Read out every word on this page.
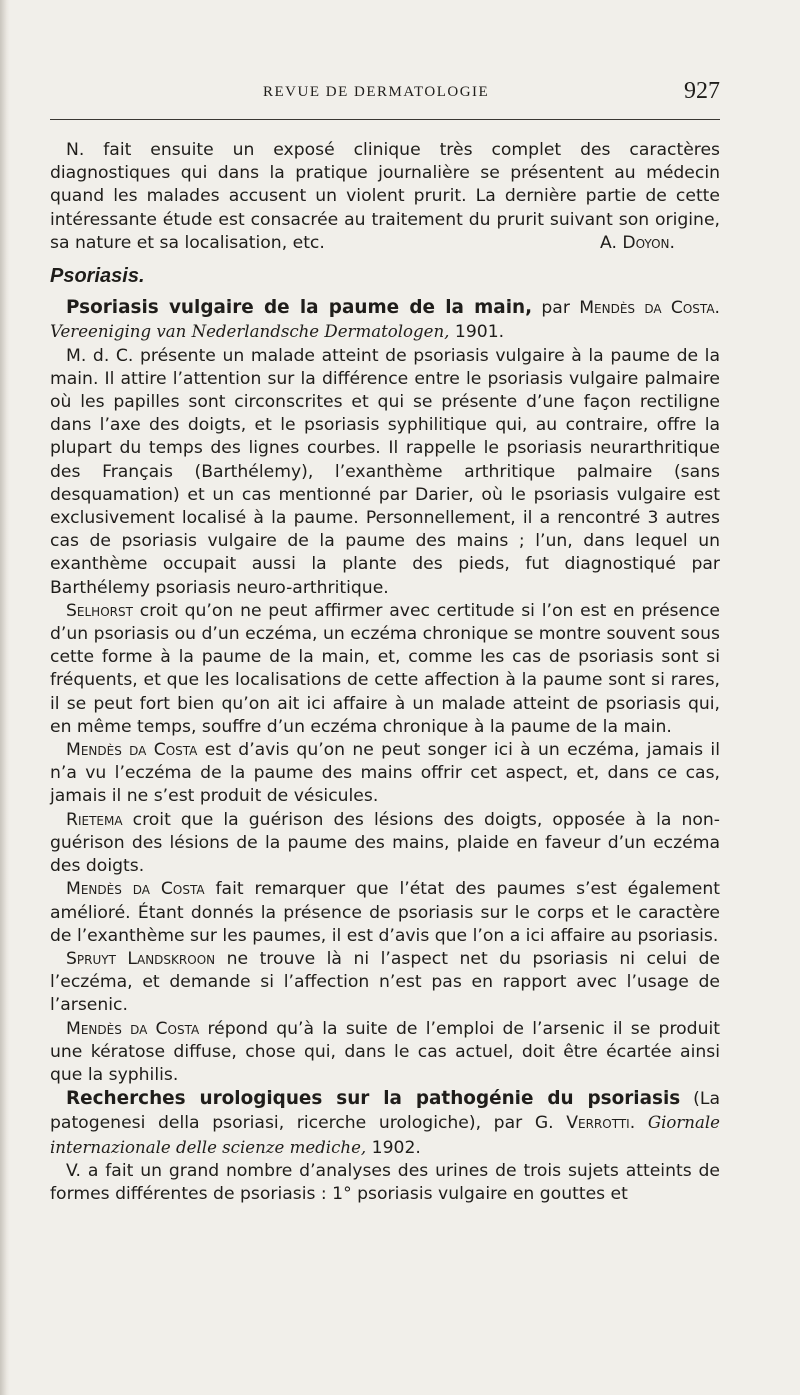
REVUE DE DERMATOLOGIE	927

N. fait ensuite un exposé clinique très complet des caractères diagnostiques qui dans la pratique journalière se présentent au médecin quand les malades accusent un violent prurit. La dernière partie de cette intéressante étude est consacrée au traitement du prurit suivant son origine, sa nature et sa localisation, etc.	A. Doyon.

Psoriasis.

Psoriasis vulgaire de la paume de la main, par Mendès da Costa. Vereeniging van Nederlandsche Dermatologen, 1901.

M. d. C. présente un malade atteint de psoriasis vulgaire à la paume de la main. Il attire l’attention sur la différence entre le psoriasis vulgaire palmaire où les papilles sont circonscrites et qui se présente d’une façon rectiligne dans l’axe des doigts, et le psoriasis syphilitique qui, au contraire, offre la plupart du temps des lignes courbes. Il rappelle le psoriasis neurarthritique des Français (Barthélemy), l’exanthème arthritique palmaire (sans desquamation) et un cas mentionné par Darier, où le psoriasis vulgaire est exclusivement localisé à la paume. Personnellement, il a rencontré 3 autres cas de psoriasis vulgaire de la paume des mains ; l’un, dans lequel un exanthème occupait aussi la plante des pieds, fut diagnostiqué par Barthélemy psoriasis neuro-arthritique.

Selhorst croit qu’on ne peut affirmer avec certitude si l’on est en présence d’un psoriasis ou d’un eczéma, un eczéma chronique se montre souvent sous cette forme à la paume de la main, et, comme les cas de psoriasis sont si fréquents, et que les localisations de cette affection à la paume sont si rares, il se peut fort bien qu’on ait ici affaire à un malade atteint de psoriasis qui, en même temps, souffre d’un eczéma chronique à la paume de la main.

Mendès da Costa est d’avis qu’on ne peut songer ici à un eczéma, jamais il n’a vu l’eczéma de la paume des mains offrir cet aspect, et, dans ce cas, jamais il ne s’est produit de vésicules.

Rietema croit que la guérison des lésions des doigts, opposée à la non-guérison des lésions de la paume des mains, plaide en faveur d’un eczéma des doigts.

Mendès da Costa fait remarquer que l’état des paumes s’est également amélioré. Étant donnés la présence de psoriasis sur le corps et le caractère de l’exanthème sur les paumes, il est d’avis que l’on a ici affaire au psoriasis.

Spruyt Landskroon ne trouve là ni l’aspect net du psoriasis ni celui de l’eczéma, et demande si l’affection n’est pas en rapport avec l’usage de l’arsenic.

Mendès da Costa répond qu’à la suite de l’emploi de l’arsenic il se produit une kératose diffuse, chose qui, dans le cas actuel, doit être écartée ainsi que la syphilis.

Recherches urologiques sur la pathogénie du psoriasis (La patogenesi della psoriasi, ricerche urologiche), par G. Verrotti. Giornale internazionale delle scienze mediche, 1902.

V. a fait un grand nombre d’analyses des urines de trois sujets atteints de formes différentes de psoriasis : 1° psoriasis vulgaire en gouttes et
